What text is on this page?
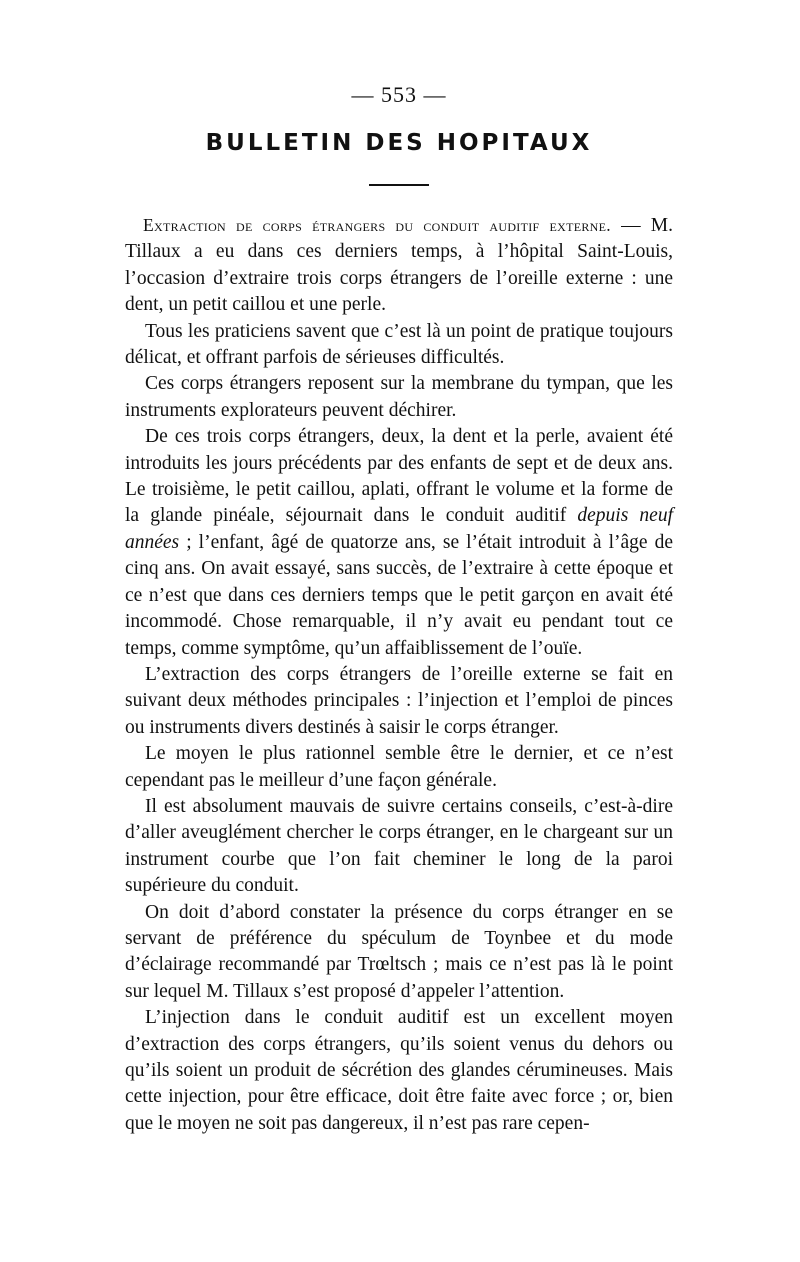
— 553 —
BULLETIN DES HOPITAUX

Extraction de corps étrangers du conduit auditif externe. — M. Tillaux a eu dans ces derniers temps, à l’hôpital Saint-Louis, l’occasion d’extraire trois corps étrangers de l’oreille externe : une dent, un petit caillou et une perle.

Tous les praticiens savent que c’est là un point de pratique toujours délicat, et offrant parfois de sérieuses difficultés.

Ces corps étrangers reposent sur la membrane du tympan, que les instruments explorateurs peuvent déchirer.

De ces trois corps étrangers, deux, la dent et la perle, avaient été introduits les jours précédents par des enfants de sept et de deux ans. Le troisième, le petit caillou, aplati, offrant le volume et la forme de la glande pinéale, séjournait dans le conduit auditif depuis neuf années ; l’enfant, âgé de quatorze ans, se l’était introduit à l’âge de cinq ans. On avait essayé, sans succès, de l’extraire à cette époque et ce n’est que dans ces derniers temps que le petit garçon en avait été incommodé. Chose remarquable, il n’y avait eu pendant tout ce temps, comme symptôme, qu’un affaiblissement de l’ouïe.

L’extraction des corps étrangers de l’oreille externe se fait en suivant deux méthodes principales : l’injection et l’emploi de pinces ou instruments divers destinés à saisir le corps étranger.

Le moyen le plus rationnel semble être le dernier, et ce n’est cependant pas le meilleur d’une façon générale.

Il est absolument mauvais de suivre certains conseils, c’est-à-dire d’aller aveuglément chercher le corps étranger, en le chargeant sur un instrument courbe que l’on fait cheminer le long de la paroi supérieure du conduit.

On doit d’abord constater la présence du corps étranger en se servant de préférence du spéculum de Toynbee et du mode d’éclairage recommandé par Trœltsch ; mais ce n’est pas là le point sur lequel M. Tillaux s’est proposé d’appeler l’attention.

L’injection dans le conduit auditif est un excellent moyen d’extraction des corps étrangers, qu’ils soient venus du dehors ou qu’ils soient un produit de sécrétion des glandes cérumineuses. Mais cette injection, pour être efficace, doit être faite avec force ; or, bien que le moyen ne soit pas dangereux, il n’est pas rare cepen-
